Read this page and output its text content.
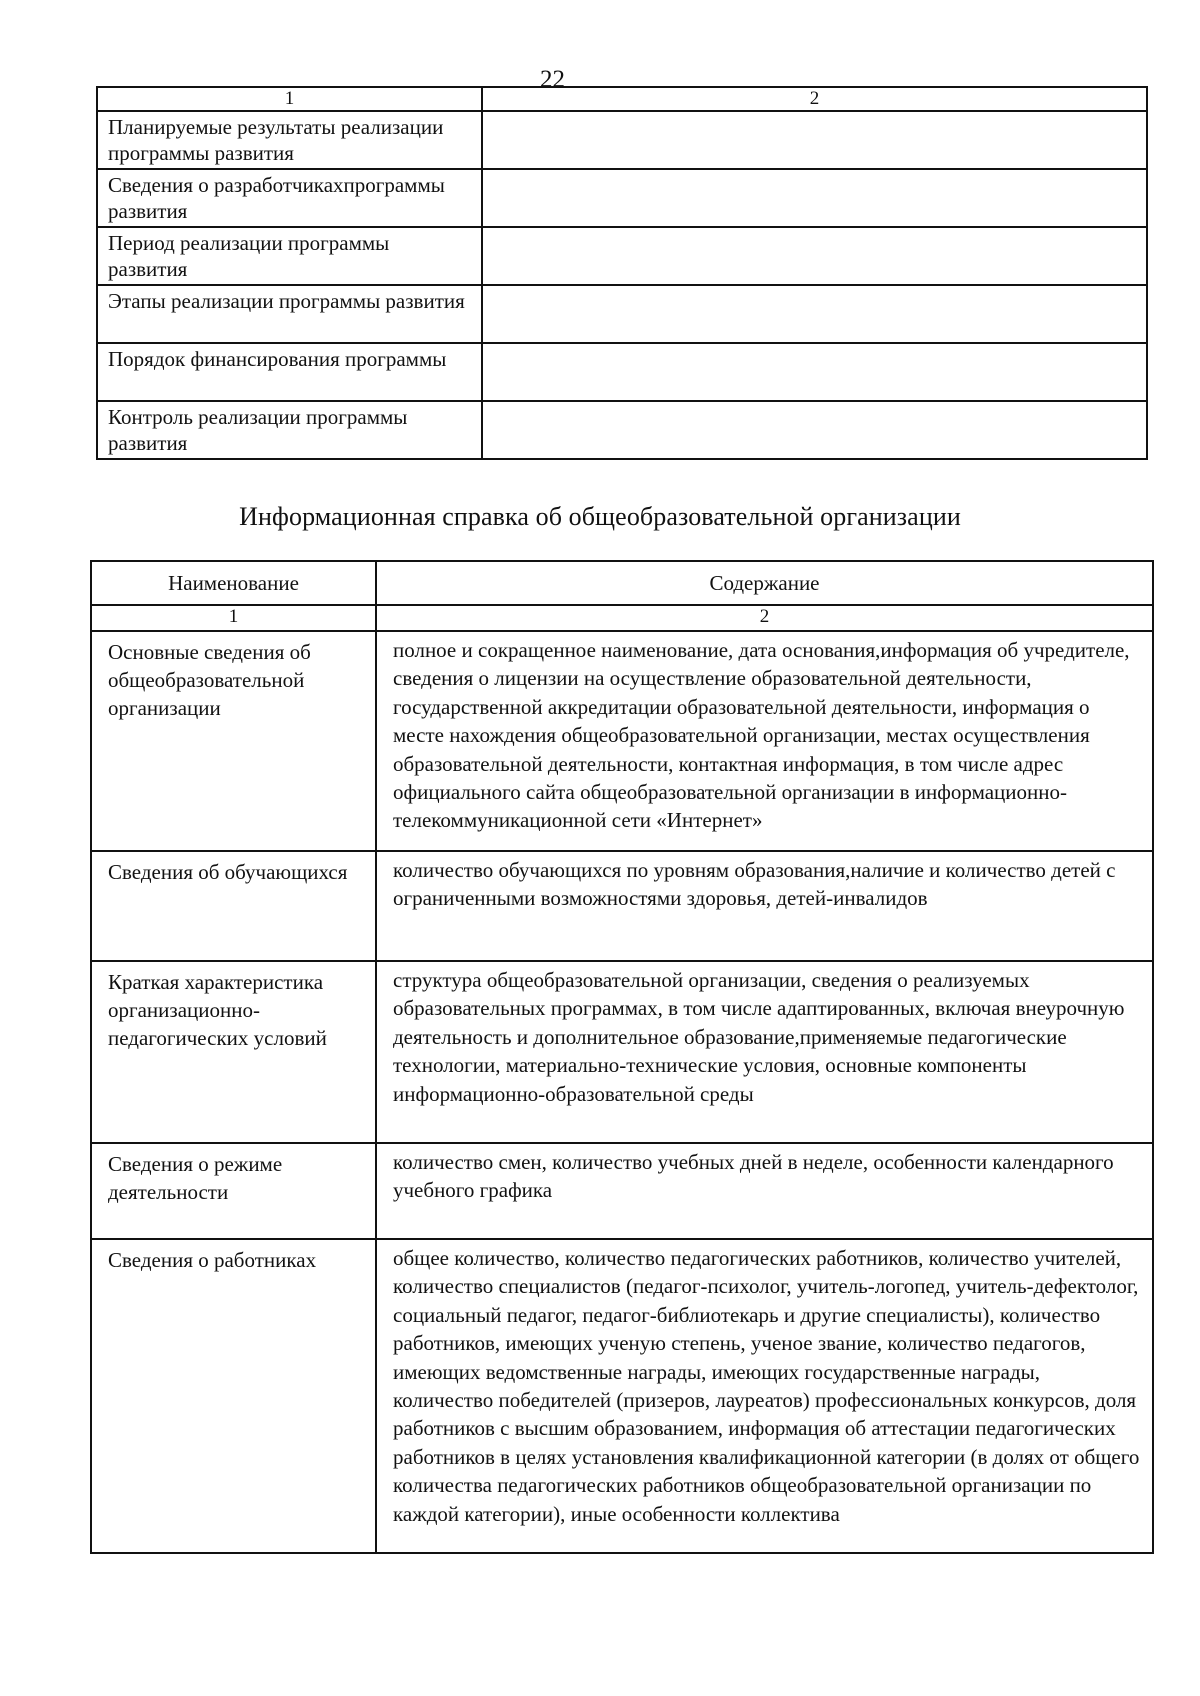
22
1	2
Планируемые результаты реализации программы развития	
Сведения о разработчикахпрограммы развития	
Период реализации программы развития	
Этапы реализации программы развития	
Порядок финансирования программы	
Контроль реализации программы развития	
Информационная справка об общеобразовательной организации
Наименование	Содержание
1	2
Основные сведения об общеобразовательной организации	полное и сокращенное наименование, дата основания,информация об учредителе, сведения о лицензии на осуществление образовательной деятельности, государственной аккредитации образовательной деятельности, информация о месте нахождения общеобразовательной организации, местах осуществления образовательной деятельности, контактная информация, в том числе адрес официального сайта общеобразовательной организации в информационно-телекоммуникационной сети «Интернет»
Сведения об обучающихся	количество обучающихся по уровням образования,наличие и количество детей с ограниченными возможностями здоровья, детей-инвалидов
Краткая характеристика организационно-педагогических условий	структура общеобразовательной организации, сведения о реализуемых образовательных программах, в том числе адаптированных, включая внеурочную деятельность и дополнительное образование,применяемые педагогические технологии, материально-технические условия, основные компоненты информационно-образовательной среды
Сведения о режиме деятельности	количество смен, количество учебных дней в неделе, особенности календарного учебного графика
Сведения о работниках	общее количество, количество педагогических работников, количество учителей, количество специалистов (педагог-психолог, учитель-логопед, учитель-дефектолог, социальный педагог, педагог-библиотекарь и другие специалисты), количество работников, имеющих ученую степень, ученое звание, количество педагогов, имеющих ведомственные награды, имеющих государственные награды, количество победителей (призеров, лауреатов) профессиональных конкурсов, доля работников с высшим образованием, информация об аттестации педагогических работников в целях установления квалификационной категории (в долях от общего количества педагогических работников общеобразовательной организации по каждой категории), иные особенности коллектива
